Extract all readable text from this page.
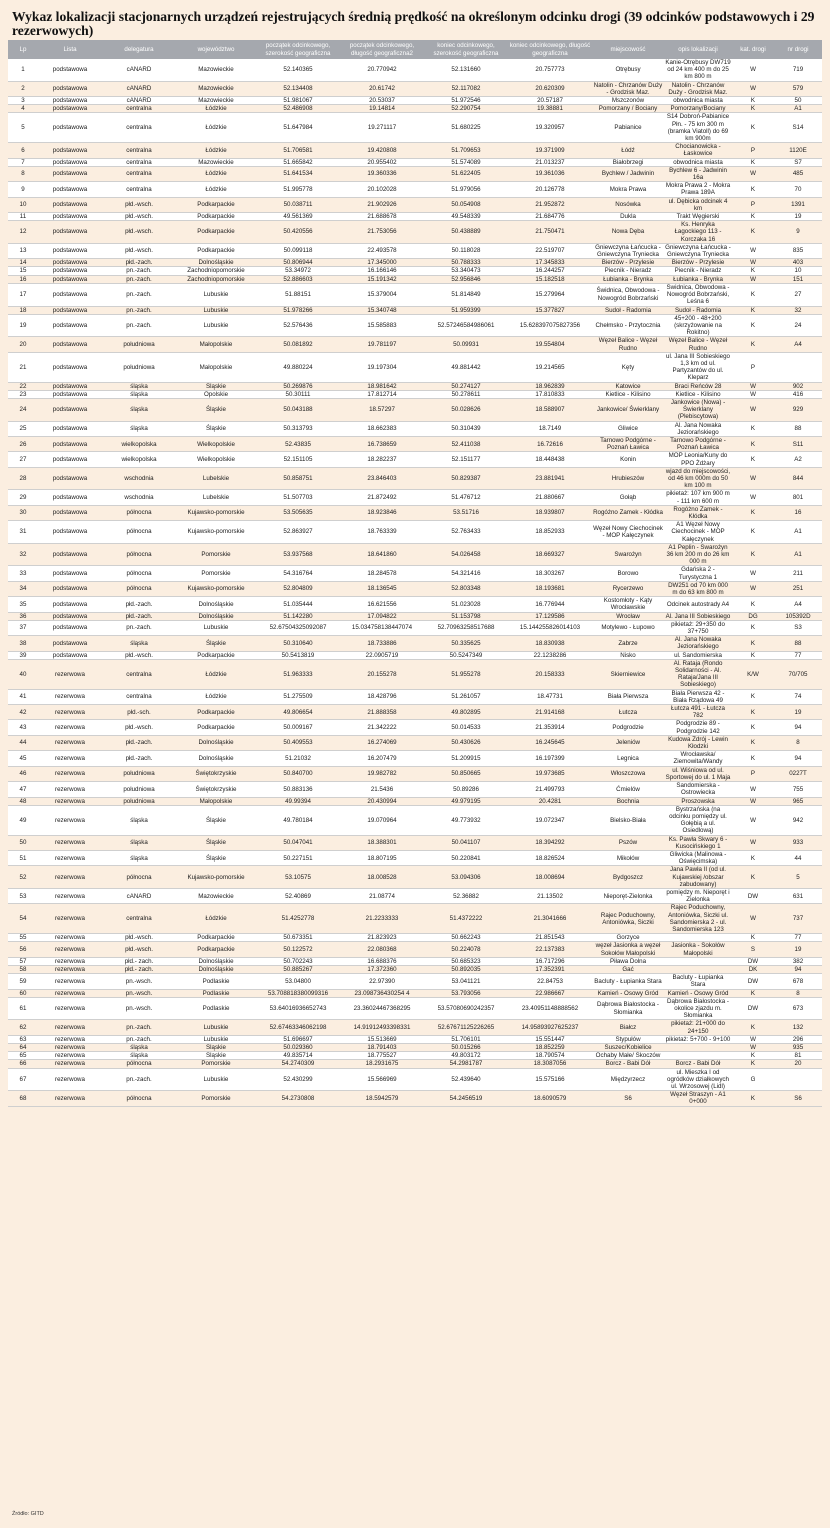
Wykaz lokalizacji stacjonarnych urządzeń rejestrujących średnią prędkość na określonym odcinku drogi (39 odcinków podstawowych i 29 rezerwowych)
Lp	Lista	delegatura	województwo	początek odcinkowego, szerokość geograficzna	początek odcinkowego, długość geograficzna2	koniec odcinkowego, szerokość geograficzna	koniec odcinkowego, długość geograficzna	miejscowość	opis lokalizacji	kat. drogi	nr drogi
1	podstawowa	cANARD	Mazowieckie	52.140365	20.770942	52.131660	20.757773	Otrębusy	Kanie-Otrębusy DW719 od 24 km 400 m do 25 km 800 m	W	719
2	podstawowa	cANARD	Mazowieckie	52.134408	20.61742	52.117082	20.620309	Natolin - Chrzanów Duży - Grodzisk Maz.	Natolin - Chrzanów Duży - Grodzisk Maz.	W	579
3	podstawowa	cANARD	Mazowieckie	51.981067	20.53037	51.972546	20.57187	Mszczonów	obwodnica miasta	K	50
4	podstawowa	centralna	Łódzkie	52.486908	19.14814	52.290754	19.38881	Pomorzany / Bociany	Pomorzany/Bociany	K	A1
5	podstawowa	centralna	Łódzkie	51.647984	19.271117	51.680225	19.320957	Pabianice	S14 Dobroń-Pabianice Płn. - 75 km 300 m (bramka Viatoll) do 69 km 900m	K	S14
6	podstawowa	centralna	Łódzkie	51.706581	19.420808	51.709653	19.371909	Łódź	Chocianowicka - Łaskowice	P	1120E
7	podstawowa	centralna	Mazowieckie	51.665842	20.955402	51.574089	21.013237	Białobrzegi	obwodnica miasta	K	S7
8	podstawowa	centralna	Łódzkie	51.641534	19.360336	51.622405	19.361036	Bychlew / Jadwinin	Bychlew 6 - Jadwinin 16a	W	485
9	podstawowa	centralna	Łódzkie	51.995778	20.102028	51.979056	20.126778	Mokra Prawa	Mokra Prawa 2 - Mokra Prawa 189A	K	70
10	podstawowa	płd.-wsch.	Podkarpackie	50.038711	21.902926	50.054908	21.952872	Nosówka	ul. Dębicka odcinek 4 km	P	1391
11	podstawowa	płd.-wsch.	Podkarpackie	49.561369	21.688678	49.548339	21.684776	Dukla	Trakt Węgierski	K	19
12	podstawowa	płd.-wsch.	Podkarpackie	50.420556	21.753056	50.438889	21.750471	Nowa Dęba	Ks. Henryka Łagockiego 113 - Korczaka 16	K	9
13	podstawowa	płd.-wsch.	Podkarpackie	50.099118	22.493578	50.118028	22.519707	Gniewczyna Łańcucka - Gniewczyna Tryniecka	Gniewczyna Łańcucka - Gniewczyna Tryniecka	W	835
14	podstawowa	płd.-zach.	Dolnośląskie	50.806944	17.345000	50.788333	17.345833	Bierzów - Przylesie	Bierzów - Przylesie	W	403
15	podstawowa	pn.-zach.	Zachodniopomorskie	53.34972	16.166146	53.340473	16.244257	Piecnik - Nieradz	Piecnik - Nieradz	K	10
16	podstawowa	pn.-zach.	Zachodniopomorskie	52.886603	15.191342	52.956846	15.182518	Łubianka - Brynka	Łubianka - Brynka	W	151
17	podstawowa	pn.-zach.	Lubuskie	51.88151	15.379004	51.814849	15.279964	Świdnica, Obwodowa - Nowogród Bobrzański	Świdnica, Obwodowa - Nowogród Bobrzański, Leśna 6	K	27
18	podstawowa	pn.-zach.	Lubuskie	51.978266	15.340748	51.959399	15.377827	Sudoł - Radomia	Sudoł - Radomia	K	32
19	podstawowa	pn.-zach.	Lubuskie	52.576436	15.585883	52.57246584986061	15.628397075827356	Chełmsko - Przytocznia	45+200 - 48+200 (skrzyżowanie na Rokitno)	K	24
20	podstawowa	południowa	Małopolskie	50.081892	19.781197	50.09931	19.554804	Węzeł Balice - Węzeł Rudno	Węzeł Balice - Węzeł Rudno	K	A4
21	podstawowa	południowa	Małopolskie	49.880224	19.197304	49.881442	19.214565	Kęty	ul. Jana III Sobieskiego 1,3 km od ul. Partyzantów do ul. Kleparz	P	
22	podstawowa	śląska	Śląskie	50.269876	18.981642	50.274127	18.962839	Katowice	Braci Reńców 28	W	902
23	podstawowa	śląska	Opolskie	50.30111	17.812714	50.278611	17.810833	Kietlice - Kilisino	Kietlice - Kilisino	W	416
24	podstawowa	śląska	Śląskie	50.043188	18.57297	50.028626	18.588907	Jankowice/ Świerklany	Jankowice (Nowa) - Świerklany (Plebiscytowa)	W	929
25	podstawowa	śląska	Śląskie	50.313793	18.662383	50.310439	18.7149	Gliwice	Al. Jana Nowaka Jeziorańskiego	K	88
26	podstawowa	wielkopolska	Wielkopolskie	52.43835	16.738659	52.411038	16.72616	Tarnowo Podgórne - Poznań Ławica	Tarnowo Podgórne - Poznań Ławica	K	S11
27	podstawowa	wielkopolska	Wielkopolskie	52.151105	18.282237	52.151177	18.448438	Konin	MOP Leonia/Kuny do PPO Żdżary	K	A2
28	podstawowa	wschodnia	Lubelskie	50.858751	23.846403	50.829387	23.881941	Hrubieszów	wjazd do miejscowości, od 46 km 000m do 50 km 100 m	W	844
29	podstawowa	wschodnia	Lubelskie	51.507703	21.872492	51.476712	21.880667	Gołąb	pikietaż: 107 km 900 m - 111 km 600 m	W	801
30	podstawowa	północna	Kujawsko-pomorskie	53.505635	18.923846	53.51716	18.939807	Rogóżno Zamek - Kłódka	Rogóżno Zamek - Kłódka	K	16
31	podstawowa	północna	Kujawsko-pomorskie	52.863927	18.763339	52.763433	18.852933	Węzeł Nowy Ciechocinek - MOP Kałęczynek	A1 Węzeł Nowy Ciechocinek - MOP Kałęczynek	K	A1
32	podstawowa	północna	Pomorskie	53.937568	18.641860	54.026458	18.669327	Swarożyn	A1 Peplin - Swarożyn 36 km 200 m do 26 km 000 m	K	A1
33	podstawowa	północna	Pomorskie	54.316764	18.284578	54.321416	18.303267	Borowo	Gdańska 2 - Turystyczna 1	W	211
34	podstawowa	północna	Kujawsko-pomorskie	52.804809	18.136545	52.803348	18.193681	Rycerzewo	DW251 od 70 km 000 m do 63 km 800 m	W	251
35	podstawowa	płd.-zach.	Dolnośląskie	51.035444	16.621556	51.023028	16.776944	Kostomłoty - Kąty Wrocławskie	Odcinek autostrady A4	K	A4
36	podstawowa	płd.-zach.	Dolnośląskie	51.142280	17.094822	51.153798	17.129586	Wrocław	Al. Jana III Sobieskiego	DG	105392D
37	podstawowa	pn.-zach.	Lubuskie	52.67504325092087	15.034758138447074	52.70963258517688	15.144255826014103	Motylewo - Łupowo	pikietaż: 29+350 do 37+750	K	S3
38	podstawowa	śląska	Śląskie	50.310640	18.733886	50.335625	18.830938	Zabrze	Al. Jana Nowaka Jeziorańskiego	K	88
39	podstawowa	płd.-wsch.	Podkarpackie	50.5413819	22.0905719	50.5247349	22.1238286	Nisko	ul. Sandomierska	K	77
40	rezerwowa	centralna	Łódzkie	51.963333	20.155278	51.955278	20.158333	Skierniewice	Al. Rataja (Rondo Solidarności - Al. Rataja/Jana III Sobieskiego)	K/W	70/705
41	rezerwowa	centralna	Łódzkie	51.275509	18.428796	51.261057	18.47731	Biała Pierwsza	Biała Pierwsza 42 - Biała Rządowa 49	K	74
42	rezerwowa	płd.-sch.	Podkarpackie	49.806654	21.888358	49.802895	21.914168	Łutcza	Łutcza 491 - Łutcza 782	K	19
43	rezerwowa	płd.-wsch.	Podkarpackie	50.009167	21.342222	50.014533	21.353914	Podgrodzie	Podgrodzie 89 - Podgrodzie 142	K	94
44	rezerwowa	płd.-zach.	Dolnośląskie	50.409553	16.274069	50.430626	16.245645	Jeleniów	Kudowa Zdrój - Lewin Kłodzki	K	8
45	rezerwowa	płd.-zach.	Dolnośląskie	51.21032	16.207479	51.209915	16.197399	Legnica	Wrocławska/ Ziemowita/Wandy	K	94
46	rezerwowa	południowa	Świętokrzyskie	50.840700	19.982782	50.850665	19.973685	Włoszczowa	ul. Wiśniowa od ul. Sportowej do ul. 1 Maja	P	0227T
47	rezerwowa	południowa	Świętokrzyskie	50.883136	21.5436	50.89286	21.499793	Ćmielów	Sandomierska - Ostrowiecka	W	755
48	rezerwowa	południowa	Małopolskie	49.99394	20.430994	49.979195	20.4281	Bochnia	Proszowska	W	965
49	rezerwowa	śląska	Śląskie	49.780184	19.070964	49.773932	19.072347	Bielsko-Biała	Bystrzańska (na odcinku pomiędzy ul. Gołębią a ul. Osiedlową)	W	942
50	rezerwowa	śląska	Śląskie	50.047041	18.388301	50.041107	18.394292	Pszów	Ks. Pawła Skwary 6 - Kusocińskiego 1	W	933
51	rezerwowa	śląska	Śląskie	50.227151	18.807195	50.220841	18.826524	Mikołów	Gliwicka (Malinowa - Oświęcimska)	K	44
52	rezerwowa	północna	Kujawsko-pomorskie	53.10575	18.008528	53.094306	18.008694	Bydgoszcz	Jana Pawła II (od ul. Kujawskiej /obszar zabudowany)	K	5
53	rezerwowa	cANARD	Mazowieckie	52.40869	21.08774	52.36882	21.13502	Nieporęt-Zielonka	pomiędzy m. Nieporęt i Zielonka	DW	631
54	rezerwowa	centralna	Łódzkie	51.4252778	21.2233333	51.4372222	21.3041666	Rajec Poduchowny, Antoniówka, Siczki	Rajec Poduchowny, Antoniówka, Siczki ul. Sandomierska 2 - ul. Sandomierska 123	W	737
55	rezerwowa	płd.-wsch.	Podkarpackie	50.673351	21.823923	50.662243	21.851543	Gorzyce		K	77
56	rezerwowa	płd.-wsch.	Podkarpackie	50.122572	22.080368	50.224078	22.137383	węzeł Jasionka a węzeł Sokołów Małopolski	Jasionka - Sokołów Małopolski	S	19
57	rezerwowa	płd.- zach.	Dolnośląskie	50.702243	16.688376	50.685323	16.717296	Piława Dolna		DW	382
58	rezerwowa	płd.- zach.	Dolnośląskie	50.885267	17.372360	50.892035	17.352391	Gać		DK	94
59	rezerwowa	pn.-wsch.	Podlaskie	53.04800	22.97390	53.041121	22.84753	Bacluty - Łupianka Stara	Bacluty - Łupianka Stara	DW	678
60	rezerwowa	pn.-wsch.	Podlaskie	53.708818380099316	23.098736430254 4	53.793056	22.986667	Kamień - Osowy Gród	Kamień - Osowy Gród	K	8
61	rezerwowa	pn.-wsch.	Podlaskie	53.64016936652743	23.36024467368295	53.57080690242357	23.40951148888562	Dąbrowa Białostocka - Słomianka	Dąbrowa Białostocka - okolice zjazdu m. Słomianka	DW	673
62	rezerwowa	pn.-zach.	Lubuskie	52.67463346062198	14.91912493398331	52.67671125226265	14.95893927625237	Białcz	pikietaż: 21+000 do 24+150	K	132
63	rezerwowa	pn.-zach.	Lubuskie	51.696697	15.513669	51.706101	15.551447	Stypułów	pikietaż: 5+700 - 9+100	W	296
64	rezerwowa	śląska	Śląskie	50.029360	18.791403	50.015266	18.852259	Suszec/Kobielice		W	935
65	rezerwowa	śląska	Śląskie	49.835714	18.775527	49.803172	18.790574	Ochaby Małe/ Skoczów		K	81
66	rezerwowa	północna	Pomorskie	54.2740309	18.2931675	54.2981787	18.3087056	Borcz - Babi Dół	Borcz - Babi Dół	K	20
67	rezerwowa	pn.-zach.	Lubuskie	52.430299	15.566969	52.439640	15.575166	Międzyrzecz	ul. Mieszka I od ogródków działkowych ul. Wrzosowej (Lidl)	G	
68	rezerwowa	północna	Pomorskie	54.2730808	18.5942579	54.2456519	18.6090579	S6	Węzeł Straszyn - A1 0+000	K	S6
Źródło: GITD
